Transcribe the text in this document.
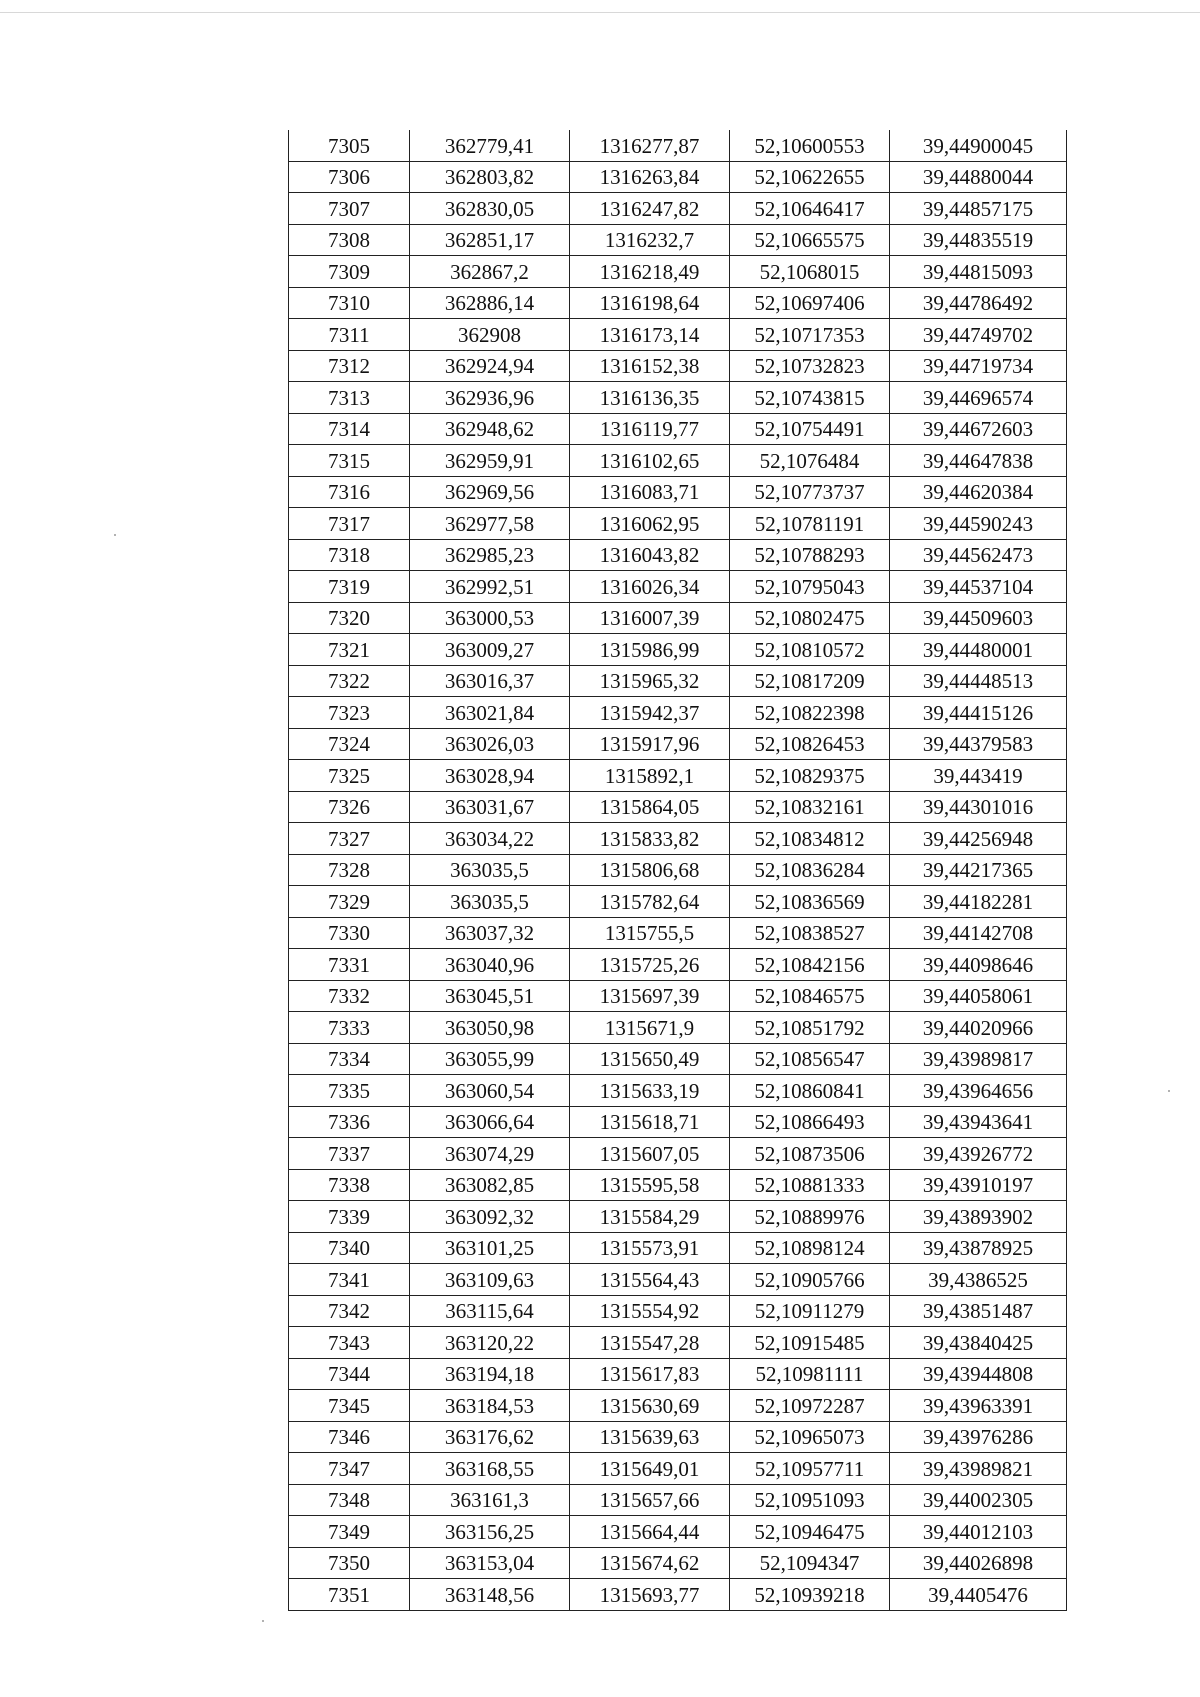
7305	362779,41	1316277,87	52,10600553	39,44900045
7306	362803,82	1316263,84	52,10622655	39,44880044
7307	362830,05	1316247,82	52,10646417	39,44857175
7308	362851,17	1316232,7	52,10665575	39,44835519
7309	362867,2	1316218,49	52,1068015	39,44815093
7310	362886,14	1316198,64	52,10697406	39,44786492
7311	362908	1316173,14	52,10717353	39,44749702
7312	362924,94	1316152,38	52,10732823	39,44719734
7313	362936,96	1316136,35	52,10743815	39,44696574
7314	362948,62	1316119,77	52,10754491	39,44672603
7315	362959,91	1316102,65	52,1076484	39,44647838
7316	362969,56	1316083,71	52,10773737	39,44620384
7317	362977,58	1316062,95	52,10781191	39,44590243
7318	362985,23	1316043,82	52,10788293	39,44562473
7319	362992,51	1316026,34	52,10795043	39,44537104
7320	363000,53	1316007,39	52,10802475	39,44509603
7321	363009,27	1315986,99	52,10810572	39,44480001
7322	363016,37	1315965,32	52,10817209	39,44448513
7323	363021,84	1315942,37	52,10822398	39,44415126
7324	363026,03	1315917,96	52,10826453	39,44379583
7325	363028,94	1315892,1	52,10829375	39,443419
7326	363031,67	1315864,05	52,10832161	39,44301016
7327	363034,22	1315833,82	52,10834812	39,44256948
7328	363035,5	1315806,68	52,10836284	39,44217365
7329	363035,5	1315782,64	52,10836569	39,44182281
7330	363037,32	1315755,5	52,10838527	39,44142708
7331	363040,96	1315725,26	52,10842156	39,44098646
7332	363045,51	1315697,39	52,10846575	39,44058061
7333	363050,98	1315671,9	52,10851792	39,44020966
7334	363055,99	1315650,49	52,10856547	39,43989817
7335	363060,54	1315633,19	52,10860841	39,43964656
7336	363066,64	1315618,71	52,10866493	39,43943641
7337	363074,29	1315607,05	52,10873506	39,43926772
7338	363082,85	1315595,58	52,10881333	39,43910197
7339	363092,32	1315584,29	52,10889976	39,43893902
7340	363101,25	1315573,91	52,10898124	39,43878925
7341	363109,63	1315564,43	52,10905766	39,4386525
7342	363115,64	1315554,92	52,10911279	39,43851487
7343	363120,22	1315547,28	52,10915485	39,43840425
7344	363194,18	1315617,83	52,10981111	39,43944808
7345	363184,53	1315630,69	52,10972287	39,43963391
7346	363176,62	1315639,63	52,10965073	39,43976286
7347	363168,55	1315649,01	52,10957711	39,43989821
7348	363161,3	1315657,66	52,10951093	39,44002305
7349	363156,25	1315664,44	52,10946475	39,44012103
7350	363153,04	1315674,62	52,1094347	39,44026898
7351	363148,56	1315693,77	52,10939218	39,4405476
